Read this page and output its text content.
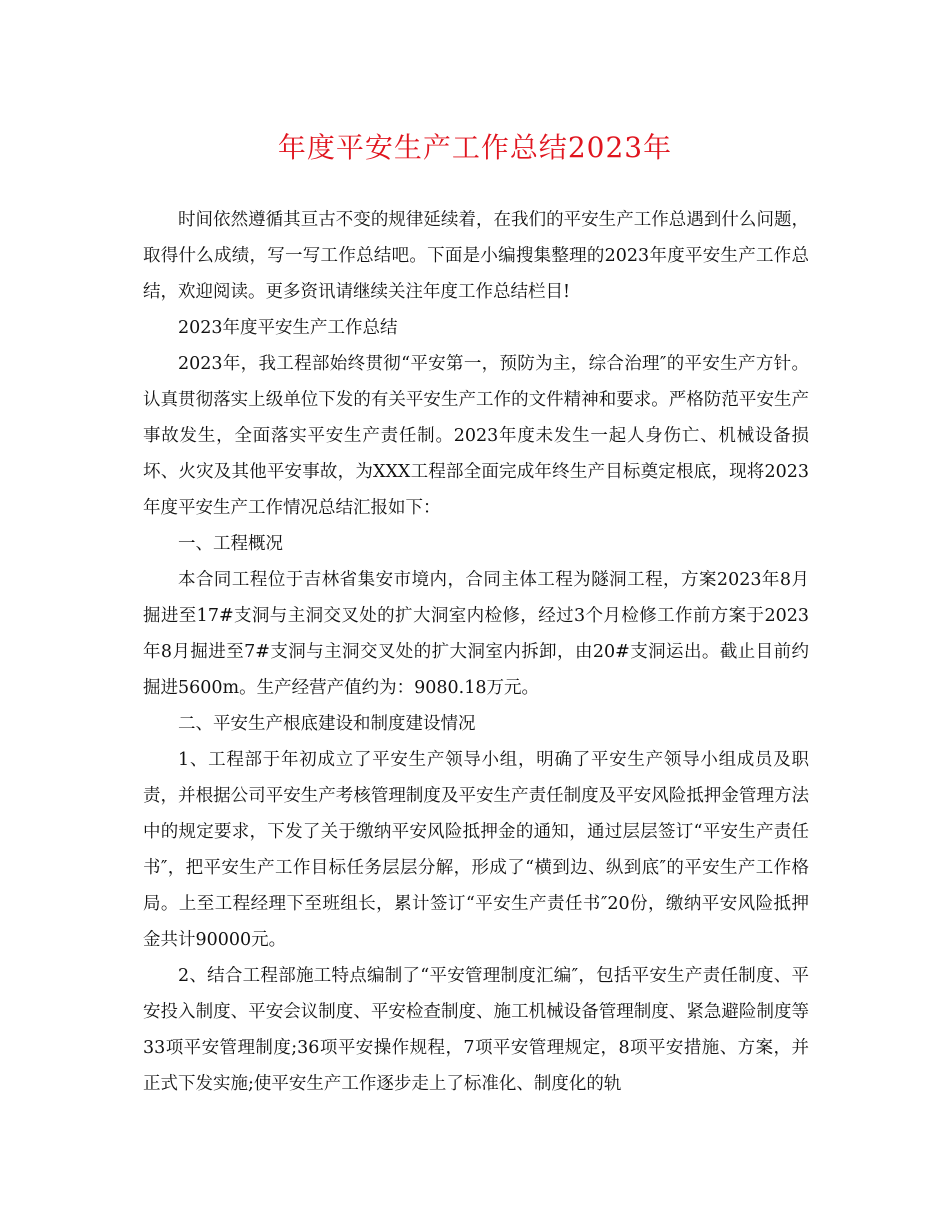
年度平安生产工作总结2023年

时间依然遵循其亘古不变的规律延续着，在我们的平安生产工作总遇到什么问题，取得什么成绩，写一写工作总结吧。下面是小编搜集整理的2023年度平安生产工作总结，欢迎阅读。更多资讯请继续关注年度工作总结栏目!

2023年度平安生产工作总结

2023年，我工程部始终贯彻“平安第一，预防为主，综合治理″的平安生产方针。认真贯彻落实上级单位下发的有关平安生产工作的文件精神和要求。严格防范平安生产事故发生，全面落实平安生产责任制。2023年度未发生一起人身伤亡、机械设备损坏、火灾及其他平安事故，为XXX工程部全面完成年终生产目标奠定根底，现将2023年度平安生产工作情况总结汇报如下：

一、工程概况

本合同工程位于吉林省集安市境内，合同主体工程为隧洞工程，方案2023年8月掘进至17#支洞与主洞交叉处的扩大洞室内检修，经过3个月检修工作前方案于2023年8月掘进至7#支洞与主洞交叉处的扩大洞室内拆卸，由20#支洞运出。截止目前约掘进5600m。生产经营产值约为：9080.18万元。

二、平安生产根底建设和制度建设情况

1、工程部于年初成立了平安生产领导小组，明确了平安生产领导小组成员及职责，并根据公司平安生产考核管理制度及平安生产责任制度及平安风险抵押金管理方法中的规定要求，下发了关于缴纳平安风险抵押金的通知，通过层层签订“平安生产责任书″，把平安生产工作目标任务层层分解，形成了“横到边、纵到底″的平安生产工作格局。上至工程经理下至班组长，累计签订“平安生产责任书″20份，缴纳平安风险抵押金共计90000元。

2、结合工程部施工特点编制了“平安管理制度汇编″，包括平安生产责任制度、平安投入制度、平安会议制度、平安检查制度、施工机械设备管理制度、紧急避险制度等33项平安管理制度;36项平安操作规程，7项平安管理规定，8项平安措施、方案，并正式下发实施;使平安生产工作逐步走上了标准化、制度化的轨
